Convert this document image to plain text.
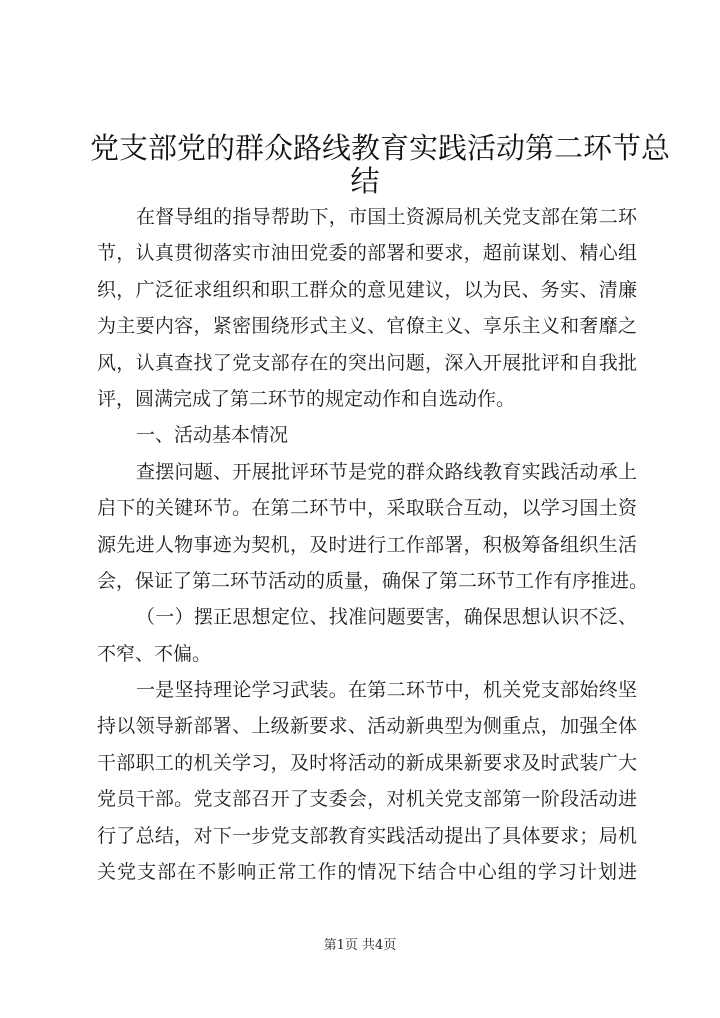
党支部党的群众路线教育实践活动第二环节总
结
在督导组的指导帮助下，市国土资源局机关党支部在第二环
节，认真贯彻落实市油田党委的部署和要求，超前谋划、精心组
织，广泛征求组织和职工群众的意见建议，以为民、务实、清廉
为主要内容，紧密围绕形式主义、官僚主义、享乐主义和奢靡之
风，认真查找了党支部存在的突出问题，深入开展批评和自我批
评，圆满完成了第二环节的规定动作和自选动作。
一、活动基本情况
查摆问题、开展批评环节是党的群众路线教育实践活动承上
启下的关键环节。在第二环节中，采取联合互动，以学习国土资
源先进人物事迹为契机，及时进行工作部署，积极筹备组织生活
会，保证了第二环节活动的质量，确保了第二环节工作有序推进。
（一）摆正思想定位、找准问题要害，确保思想认识不泛、
不窄、不偏。
一是坚持理论学习武装。在第二环节中，机关党支部始终坚
持以领导新部署、上级新要求、活动新典型为侧重点，加强全体
干部职工的机关学习，及时将活动的新成果新要求及时武装广大
党员干部。党支部召开了支委会，对机关党支部第一阶段活动进
行了总结，对下一步党支部教育实践活动提出了具体要求；局机
关党支部在不影响正常工作的情况下结合中心组的学习计划进
第1页 共4页
